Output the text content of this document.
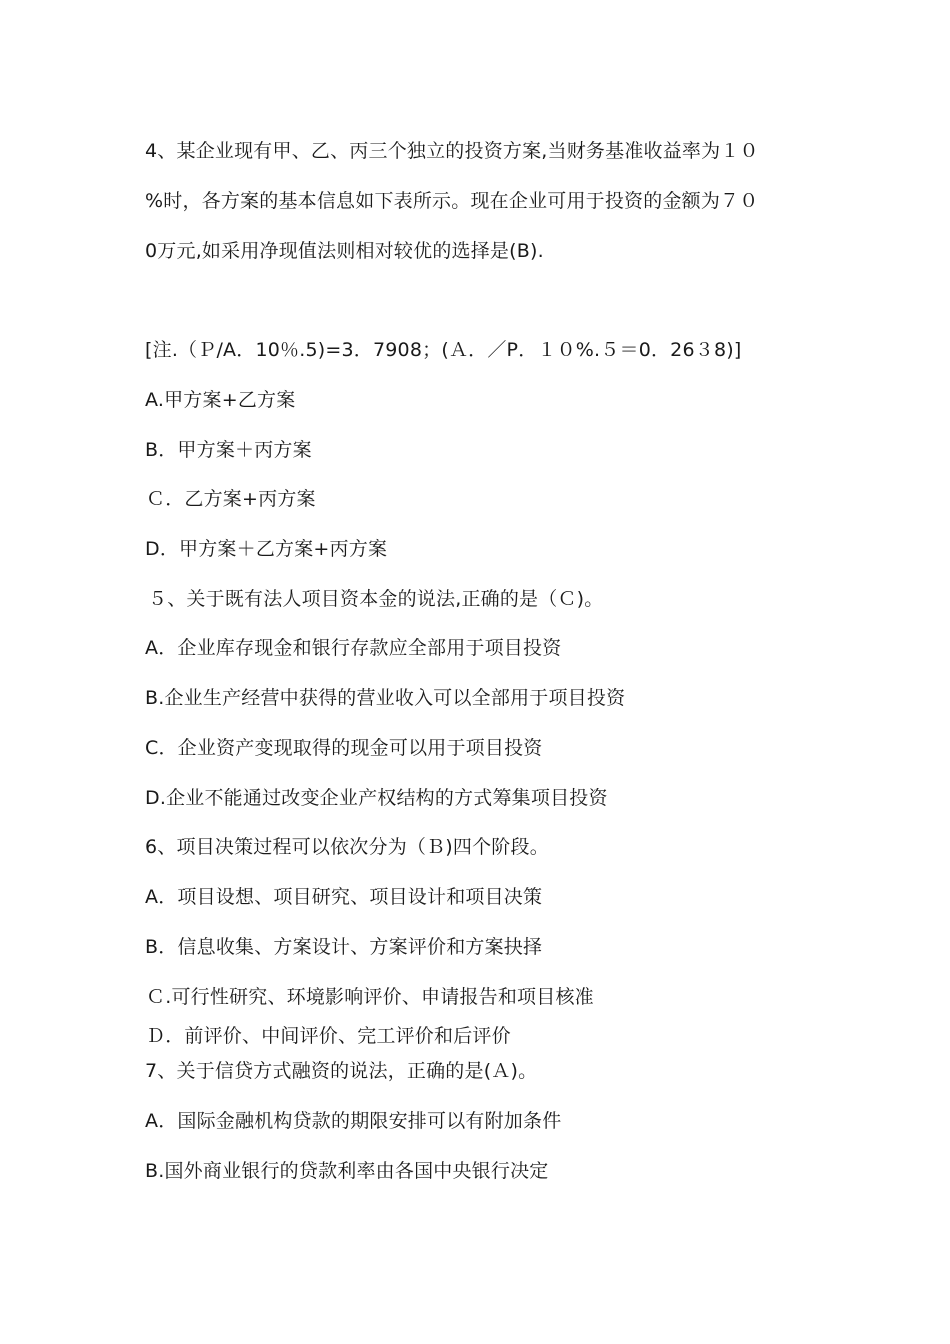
4、某企业现有甲、乙、丙三个独立的投资方案,当财务基准收益率为１０
%时，各方案的基本信息如下表所示。现在企业可用于投资的金额为７０
0万元,如采用净现值法则相对较优的选择是(B).
[注.（Ｐ/A．10％.5)=3．7908；(Ａ．／P．１０%.５＝0．26３8)]
A.甲方案+乙方案
B．甲方案＋丙方案
Ｃ．乙方案+丙方案
D．甲方案＋乙方案+丙方案
５、关于既有法人项目资本金的说法,正确的是（Ｃ)。
A．企业库存现金和银行存款应全部用于项目投资
B.企业生产经营中获得的营业收入可以全部用于项目投资
C．企业资产变现取得的现金可以用于项目投资
D.企业不能通过改变企业产权结构的方式筹集项目投资
6、项目决策过程可以依次分为（Ｂ)四个阶段。
A．项目设想、项目研究、项目设计和项目决策
B．信息收集、方案设计、方案评价和方案抉择
Ｃ.可行性研究、环境影响评价、申请报告和项目核准
Ｄ．前评价、中间评价、完工评价和后评价
7、关于信贷方式融资的说法，正确的是(Ａ)。
A．国际金融机构贷款的期限安排可以有附加条件
B.国外商业银行的贷款利率由各国中央银行决定
